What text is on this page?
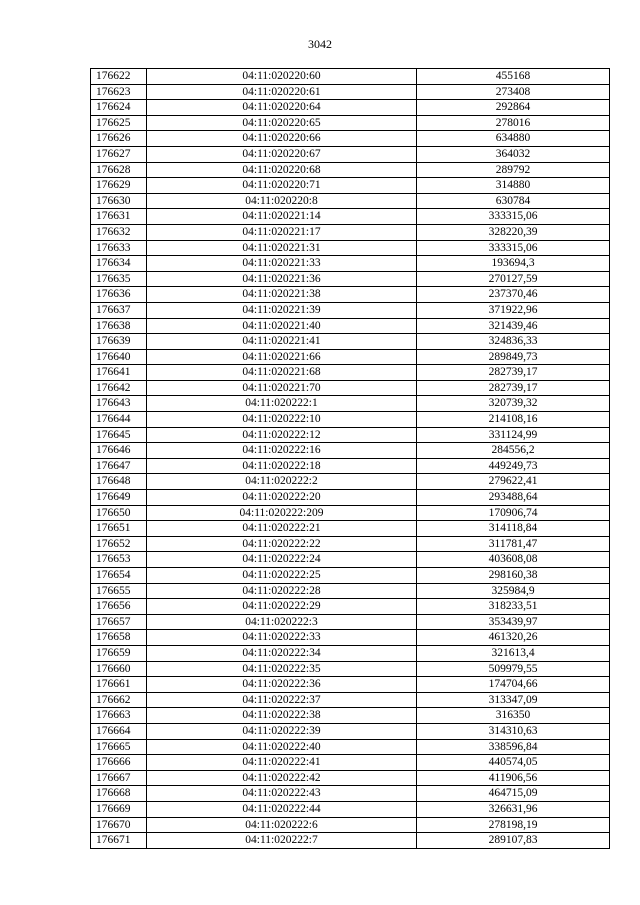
3042
176622	04:11:020220:60	455168
176623	04:11:020220:61	273408
176624	04:11:020220:64	292864
176625	04:11:020220:65	278016
176626	04:11:020220:66	634880
176627	04:11:020220:67	364032
176628	04:11:020220:68	289792
176629	04:11:020220:71	314880
176630	04:11:020220:8	630784
176631	04:11:020221:14	333315,06
176632	04:11:020221:17	328220,39
176633	04:11:020221:31	333315,06
176634	04:11:020221:33	193694,3
176635	04:11:020221:36	270127,59
176636	04:11:020221:38	237370,46
176637	04:11:020221:39	371922,96
176638	04:11:020221:40	321439,46
176639	04:11:020221:41	324836,33
176640	04:11:020221:66	289849,73
176641	04:11:020221:68	282739,17
176642	04:11:020221:70	282739,17
176643	04:11:020222:1	320739,32
176644	04:11:020222:10	214108,16
176645	04:11:020222:12	331124,99
176646	04:11:020222:16	284556,2
176647	04:11:020222:18	449249,73
176648	04:11:020222:2	279622,41
176649	04:11:020222:20	293488,64
176650	04:11:020222:209	170906,74
176651	04:11:020222:21	314118,84
176652	04:11:020222:22	311781,47
176653	04:11:020222:24	403608,08
176654	04:11:020222:25	298160,38
176655	04:11:020222:28	325984,9
176656	04:11:020222:29	318233,51
176657	04:11:020222:3	353439,97
176658	04:11:020222:33	461320,26
176659	04:11:020222:34	321613,4
176660	04:11:020222:35	509979,55
176661	04:11:020222:36	174704,66
176662	04:11:020222:37	313347,09
176663	04:11:020222:38	316350
176664	04:11:020222:39	314310,63
176665	04:11:020222:40	338596,84
176666	04:11:020222:41	440574,05
176667	04:11:020222:42	411906,56
176668	04:11:020222:43	464715,09
176669	04:11:020222:44	326631,96
176670	04:11:020222:6	278198,19
176671	04:11:020222:7	289107,83
